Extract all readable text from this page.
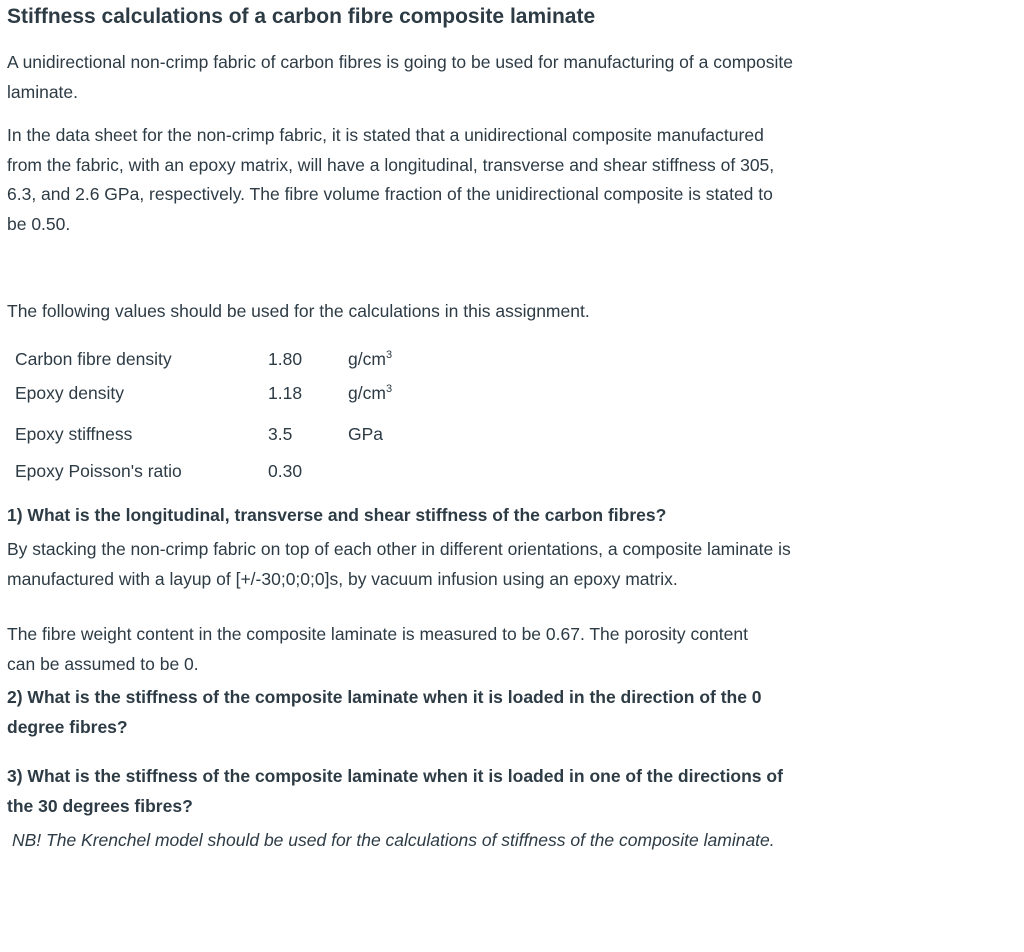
Stiffness calculations of a carbon fibre composite laminate
A unidirectional non-crimp fabric of carbon fibres is going to be used for manufacturing of a composite laminate.
In the data sheet for the non-crimp fabric, it is stated that a unidirectional composite manufactured from the fabric, with an epoxy matrix, will have a longitudinal, transverse and shear stiffness of 305, 6.3, and 2.6 GPa, respectively. The fibre volume fraction of the unidirectional composite is stated to be 0.50.
The following values should be used for the calculations in this assignment.
Carbon fibre density	1.80	$g/cm^3$
Epoxy density	1.18	$g/cm^3$
Epoxy stiffness	3.5	GPa
Epoxy Poisson's ratio	0.30	
1) What is the longitudinal, transverse and shear stiffness of the carbon fibres?
By stacking the non-crimp fabric on top of each other in different orientations, a composite laminate is manufactured with a layup of [+/-30;0;0;0]s, by vacuum infusion using an epoxy matrix.
The fibre weight content in the composite laminate is measured to be 0.67. The porosity content can be assumed to be 0.
2) What is the stiffness of the composite laminate when it is loaded in the direction of the 0 degree fibres?
3) What is the stiffness of the composite laminate when it is loaded in one of the directions of the 30 degrees fibres?
NB! The Krenchel model should be used for the calculations of stiffness of the composite laminate.
